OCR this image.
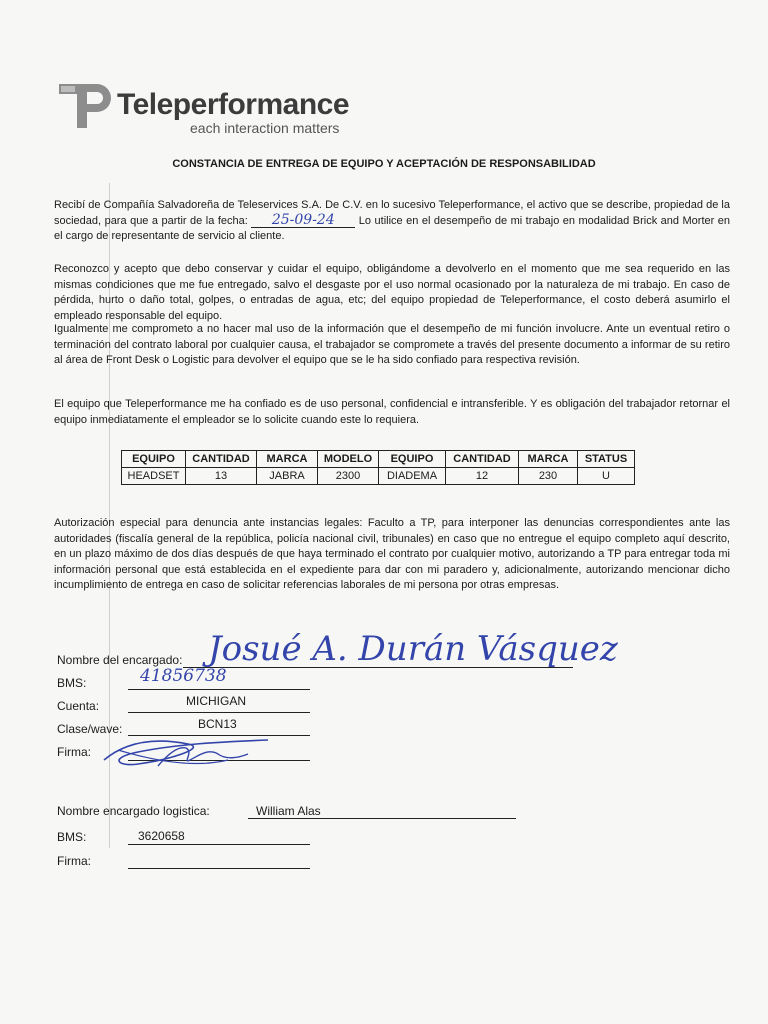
Teleperformance
each interaction matters
CONSTANCIA DE ENTREGA DE EQUIPO Y ACEPTACIÓN DE RESPONSABILIDAD

Recibí de Compañía Salvadoreña de Teleservices S.A. De C.V. en lo sucesivo Teleperformance, el activo que se describe, propiedad de la sociedad, para que a partir de la fecha: 25-09-24 Lo utilice en el desempeño de mi trabajo en modalidad Brick and Morter en el cargo de representante de servicio al cliente.

Reconozco y acepto que debo conservar y cuidar el equipo, obligándome a devolverlo en el momento que me sea requerido en las mismas condiciones que me fue entregado, salvo el desgaste por el uso normal ocasionado por la naturaleza de mi trabajo. En caso de pérdida, hurto o daño total, golpes, o entradas de agua, etc; del equipo propiedad de Teleperformance, el costo deberá asumirlo el empleado responsable del equipo.

Igualmente me comprometo a no hacer mal uso de la información que el desempeño de mi función involucre. Ante un eventual retiro o terminación del contrato laboral por cualquier causa, el trabajador se compromete a través del presente documento a informar de su retiro al área de Front Desk o Logistic para devolver el equipo que se le ha sido confiado para respectiva revisión.

El equipo que Teleperformance me ha confiado es de uso personal, confidencial e intransferible. Y es obligación del trabajador retornar el equipo inmediatamente el empleador se lo solicite cuando este lo requiera.

EQUIPO	CANTIDAD	MARCA	MODELO	EQUIPO	CANTIDAD	MARCA	STATUS
HEADSET	13	JABRA	2300	DIADEMA	12	230	U

Autorización especial para denuncia ante instancias legales: Faculto a TP, para interponer las denuncias correspondientes ante las autoridades (fiscalía general de la república, policía nacional civil, tribunales) en caso que no entregue el equipo completo aquí descrito, en un plazo máximo de dos días después de que haya terminado el contrato por cualquier motivo, autorizando a TP para entregar toda mi información personal que está establecida en el expediente para dar con mi paradero y, adicionalmente, autorizando mencionar dicho incumplimiento de entrega en caso de solicitar referencias laborales de mi persona por otras empresas.

Nombre del encargado: Josué A. Durán Vásquez
BMS:	41856738
Cuenta:	MICHIGAN
Clase/wave:	BCN13
Firma:
Nombre encargado logistica:	William Alas
BMS:	3620658
Firma:
